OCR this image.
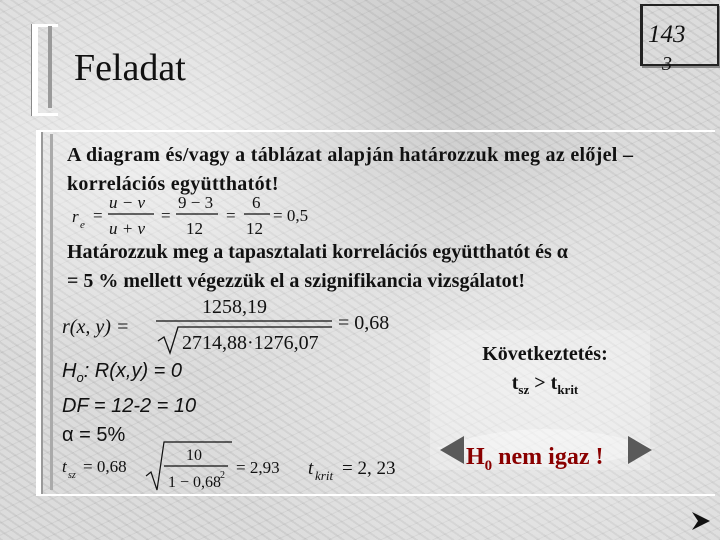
Feladat
143
3
A diagram és/vagy a táblázat alapján határozzuk meg az előjel – korrelációs együtthatót!
r e =
u − v
u + v
=
9 − 3
12
=
6
12
= 0,5
Határozzuk meg a tapasztalati korrelációs együtthatót és α
= 5 % mellett végezzük el a szignifikancia vizsgálatot!
r(x, y) =
1258,19
2714,88·1276,07
= 0,68
$H_o$: R(x,y) = 0
DF = 12-2 = 10
α = 5%
t sz = 0,68
10
1 − 0,68
2 = 2,93 t krit = 2, 23
Következtetés:
$t_{sz} > t_{krit}$
$H_0$ nem igaz !
